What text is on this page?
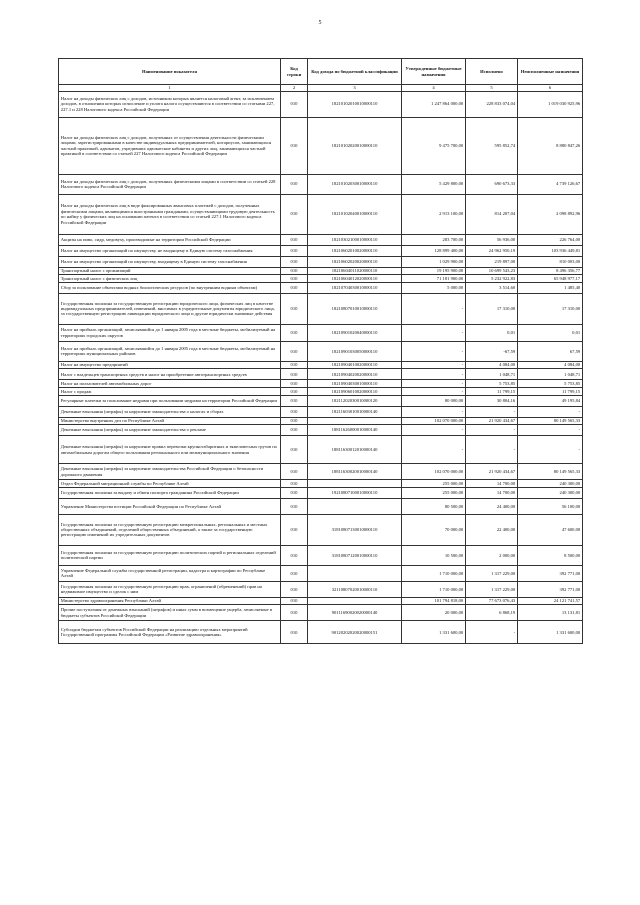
5
Наименование показателя	Код строки	Код дохода по бюджетной классификации	Утвержденные бюджетные назначения	Исполнено	Неисполненные назначения
1	2	3	4	5	6
Налог на доходы физических лиц с доходов, источником которых является налоговый агент, за исключением доходов, в отношении которых исчисление и уплата налога осуществляются в соответствии со статьями 227, 227.1 и 228 Налогового кодекса Российской Федерации	010	18210102010010000110	1 247 864 000,00	228 833 074,04	1 019 030 925,96
Налог на доходы физических лиц с доходов, полученных от осуществления деятельности физическими лицами, зарегистрированными в качестве индивидуальных предпринимателей, нотариусов, занимающихся частной практикой, адвокатов, учредивших адвокатские кабинеты и других лиц, занимающихся частной практикой в соответствии со статьей 227 Налогового кодекса Российской Федерации	010	18210102020010000110	9 475 700,00	595 852,74	8 880 847,26
Налог на доходы физических лиц с доходов, полученных физическими лицами в соответствии со статьей 228 Налогового кодекса Российской Федерации	010	18210102030010000110	5 429 800,00	690 673,33	4 739 126,67
Налог на доходы физических лиц в виде фиксированных авансовых платежей с доходов, полученных физическими лицами, являющимися иностранными гражданами, осуществляющими трудовую деятельность по найму у физических лиц на основании патента в соответствии со статьей 227.1 Налогового кодекса Российской Федерации	010	18210102040010000110	2 913 100,00	814 207,04	2 098 892,96
Акцизы на пиво, сидр, медовуху, производимые на территории Российской Федерации	010	18210302100010000110	283 700,00	56 936,00	226 764,00
Налог на имущество организаций по имуществу, не входящему в Единую систему газоснабжения	010	18210602010020000110	128 899 400,00	24 962 950,19	103 936 449,81
Налог на имущество организаций по имуществу, входящему в Единую систему газоснабжения	010	18210602020020000110	1 029 900,00	219 897,00	810 003,00
Транспортный налог с организаций	010	18210604011020000110	19 195 900,00	10 699 543,23	8 496 356,77
Транспортный налог с физических лиц	010	18210604012020000110	71 181 900,00	5 232 922,83	65 948 977,17
Сбор за пользование объектами водных биологических ресурсов (по внутренним водным объектам)	010	18210704030010000110	5 000,00	3 514,60	1 485,40
Государственная пошлина за государственную регистрацию юридического лица, физических лиц в качестве индивидуальных предпринимателей, изменений, вносимых в учредительные документы юридического лица, за государственную регистрацию ликвидации юридического лица и другие юридически значимые действия	010	18210807010010000110	-	17 310,00	17 310,00
Налог на прибыль организаций, зачислявшийся до 1 января 2005 года в местные бюджеты, мобилизуемый на территориях городских округов	010	18210901020040000110	-	0,01	0,01
Налог на прибыль организаций, зачислявшийся до 1 января 2005 года в местные бюджеты, мобилизуемый на территориях муниципальных районов	010	18210901030050000110	-	-67,59	67,59
Налог на имущество предприятий	010	18210904010020000110	-	4 084,00	4 084,00
Налог с владельцев транспортных средств и налог на приобретение автотранспортных средств	010	18210904020020000110	-	1 048,71	1 048,71
Налог на пользователей автомобильных дорог	010	18210904030010000110	-	5 753,85	5 753,85
Налог с продаж	010	18210906010020000110	-	11 799,15	11 799,15
Регулярные платежи за пользование недрами при пользовании недрами на территории Российской Федерации	010	18211202030010000120	80 000,00	30 804,16	49 195,84
Денежные взыскания (штрафы) за нарушение законодательства о налогах и сборах	010	18211603010010000140	-	-	-
Министерство внутренних дел по Республике Алтай	010		102 070 000,00	21 920 434,67	80 149 565,33
Денежные взыскания (штрафы) за нарушение законодательства о рекламе	010	18811626000010000140	-	-	-
Денежные взыскания (штрафы) за нарушение правил перевозки крупногабаритных и тяжеловесных грузов по автомобильным дорогам общего пользования регионального или межмуниципального значения	010	18811630012010000140	-	-	-
Денежные взыскания (штрафы) за нарушение законодательства Российской Федерации о безопасности дорожного движения	010	18811630020010000140	102 070 000,00	21 920 434,67	80 149 565,33
Отдел Федеральной миграционной службы по Республике Алтай	010		255 000,00	14 700,00	240 300,00
Государственная пошлина за выдачу и обмен паспорта гражданина Российской Федерации	010	19210807100010000110	255 000,00	14 700,00	240 300,00
Управление Министерства юстиции Российской Федерации по Республике Алтай	010		80 500,00	24 400,00	56 100,00
Государственная пошлина за государственную регистрацию межрегиональных, региональных и местных общественных объединений, отделений общественных объединений, а также за государственную регистрацию изменений их учредительных документов	010	31810807130010000110	70 000,00	22 400,00	47 600,00
Государственная пошлина за государственную регистрацию политических партий и региональных отделений политической партии	010	31810807120010000110	10 500,00	2 000,00	8 500,00
Управление Федеральной службы государственной регистрации, кадастра и картографии по Республике Алтай	010		1 710 000,00	1 317 229,00	392 771,00
Государственная пошлина за государственную регистрацию прав, ограничений (обременений) прав на недвижимое имущество и сделок с ним	010	32110807020010000110	1 710 000,00	1 317 229,00	392 771,00
Министерство здравоохранения Республики Алтай	010		101 794 818,00	77 673 076,43	24 121 741,57
Прочие поступления от денежных взысканий (штрафов) и иных сумм в возмещение ущерба, зачисляемые в бюджеты субъектов Российской Федерации	010	90111690020020000140	20 000,00	6 868,19	13 131,81
Субсидии бюджетам субъектов Российской Федерации на реализацию отдельных мероприятий Государственной программы Российской Федерации «Развитие здравоохранения»	010	90120202020020000151	1 331 600,00	-	1 331 600,00
